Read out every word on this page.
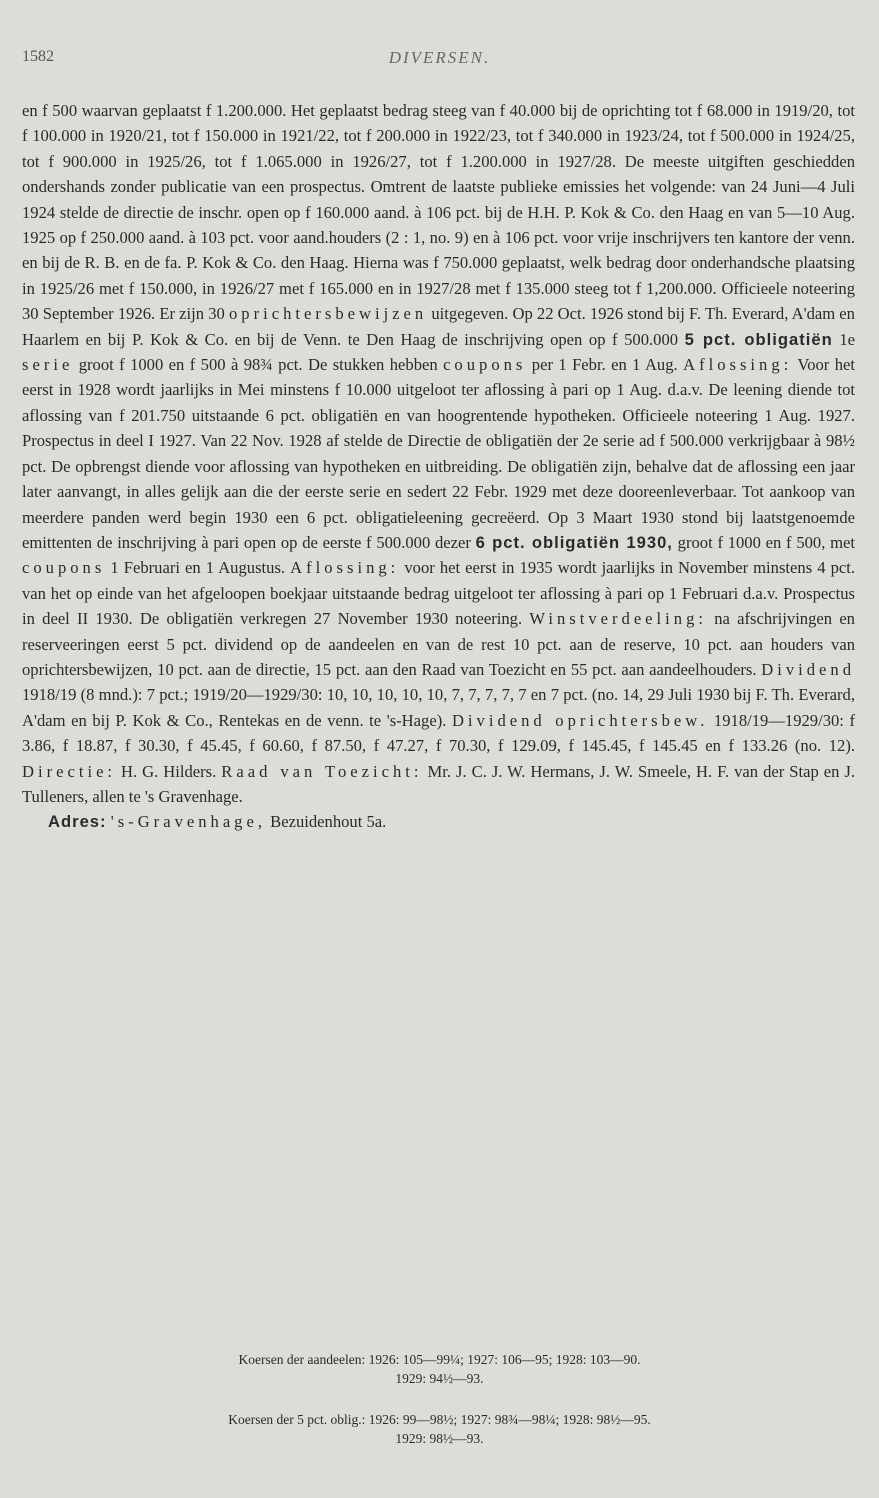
1582	DIVERSEN.

en f 500 waarvan geplaatst f 1.200.000. Het geplaatst bedrag steeg van f 40.000 bij de oprichting tot f 68.000 in 1919/20, tot f 100.000 in 1920/21, tot f 150.000 in 1921/22, tot f 200.000 in 1922/23, tot f 340.000 in 1923/24, tot f 500.000 in 1924/25, tot f 900.000 in 1925/26, tot f 1.065.000 in 1926/27, tot f 1.200.000 in 1927/28. De meeste uitgiften geschiedden ondershands zonder publicatie van een prospectus. Omtrent de laatste publieke emissies het volgende: van 24 Juni—4 Juli 1924 stelde de directie de inschr. open op f 160.000 aand. à 106 pct. bij de H.H. P. Kok & Co. den Haag en van 5—10 Aug. 1925 op f 250.000 aand. à 103 pct. voor aand.houders (2 : 1, no. 9) en à 106 pct. voor vrije inschrijvers ten kantore der venn. en bij de R. B. en de fa. P. Kok & Co. den Haag. Hierna was f 750.000 geplaatst, welk bedrag door onderhandsche plaatsing in 1925/26 met f 150.000, in 1926/27 met f 165.000 en in 1927/28 met f 135.000 steeg tot f 1,200.000. Officieele noteering 30 September 1926. Er zijn 30 oprichtersbewijzen uitgegeven. Op 22 Oct. 1926 stond bij F. Th. Everard, A'dam en Haarlem en bij P. Kok & Co. en bij de Venn. te Den Haag de inschrijving open op f 500.000 5 pct. obligatiën 1e serie groot f 1000 en f 500 à 98¾ pct. De stukken hebben coupons per 1 Febr. en 1 Aug. Aflossing: Voor het eerst in 1928 wordt jaarlijks in Mei minstens f 10.000 uitgeloot ter aflossing à pari op 1 Aug. d.a.v. De leening diende tot aflossing van f 201.750 uitstaande 6 pct. obligatiën en van hoogrentende hypotheken. Officieele noteering 1 Aug. 1927. Prospectus in deel I 1927. Van 22 Nov. 1928 af stelde de Directie de obligatiën der 2e serie ad f 500.000 verkrijgbaar à 98½ pct. De opbrengst diende voor aflossing van hypotheken en uitbreiding. De obligatiën zijn, behalve dat de aflossing een jaar later aanvangt, in alles gelijk aan die der eerste serie en sedert 22 Febr. 1929 met deze dooreenleverbaar. Tot aankoop van meerdere panden werd begin 1930 een 6 pct. obligatieleening gecreëerd. Op 3 Maart 1930 stond bij laatstgenoemde emittenten de inschrijving à pari open op de eerste f 500.000 dezer 6 pct. obligatiën 1930, groot f 1000 en f 500, met coupons 1 Februari en 1 Augustus. Aflossing: voor het eerst in 1935 wordt jaarlijks in November minstens 4 pct. van het op einde van het afgeloopen boekjaar uitstaande bedrag uitgeloot ter aflossing à pari op 1 Februari d.a.v. Prospectus in deel II 1930. De obligatiën verkregen 27 November 1930 noteering. Winstverdeeling: na afschrijvingen en reserveeringen eerst 5 pct. dividend op de aandeelen en van de rest 10 pct. aan de reserve, 10 pct. aan houders van oprichtersbewijzen, 10 pct. aan de directie, 15 pct. aan den Raad van Toezicht en 55 pct. aan aandeelhouders. Dividend 1918/19 (8 mnd.): 7 pct.; 1919/20—1929/30: 10, 10, 10, 10, 10, 7, 7, 7, 7, 7 en 7 pct. (no. 14, 29 Juli 1930 bij F. Th. Everard, A'dam en bij P. Kok & Co., Rentekas en de venn. te 's-Hage). Dividend oprichtersbew. 1918/19—1929/30: f 3.86, f 18.87, f 30.30, f 45.45, f 60.60, f 87.50, f 47.27, f 70.30, f 129.09, f 145.45, f 145.45 en f 133.26 (no. 12). Directie: H. G. Hilders. Raad van Toezicht: Mr. J. C. J. W. Hermans, J. W. Smeele, H. F. van der Stap en J. Tulleners, allen te 's Gravenhage.

Adres: 's-Gravenhage, Bezuidenhout 5a.

Koersen der aandeelen: 1926: 105—99¼; 1927: 106—95; 1928: 103—90.
1929: 94½—93.
Koersen der 5 pct. oblig.: 1926: 99—98½; 1927: 98¾—98¼; 1928: 98½—95.
1929: 98½—93.
